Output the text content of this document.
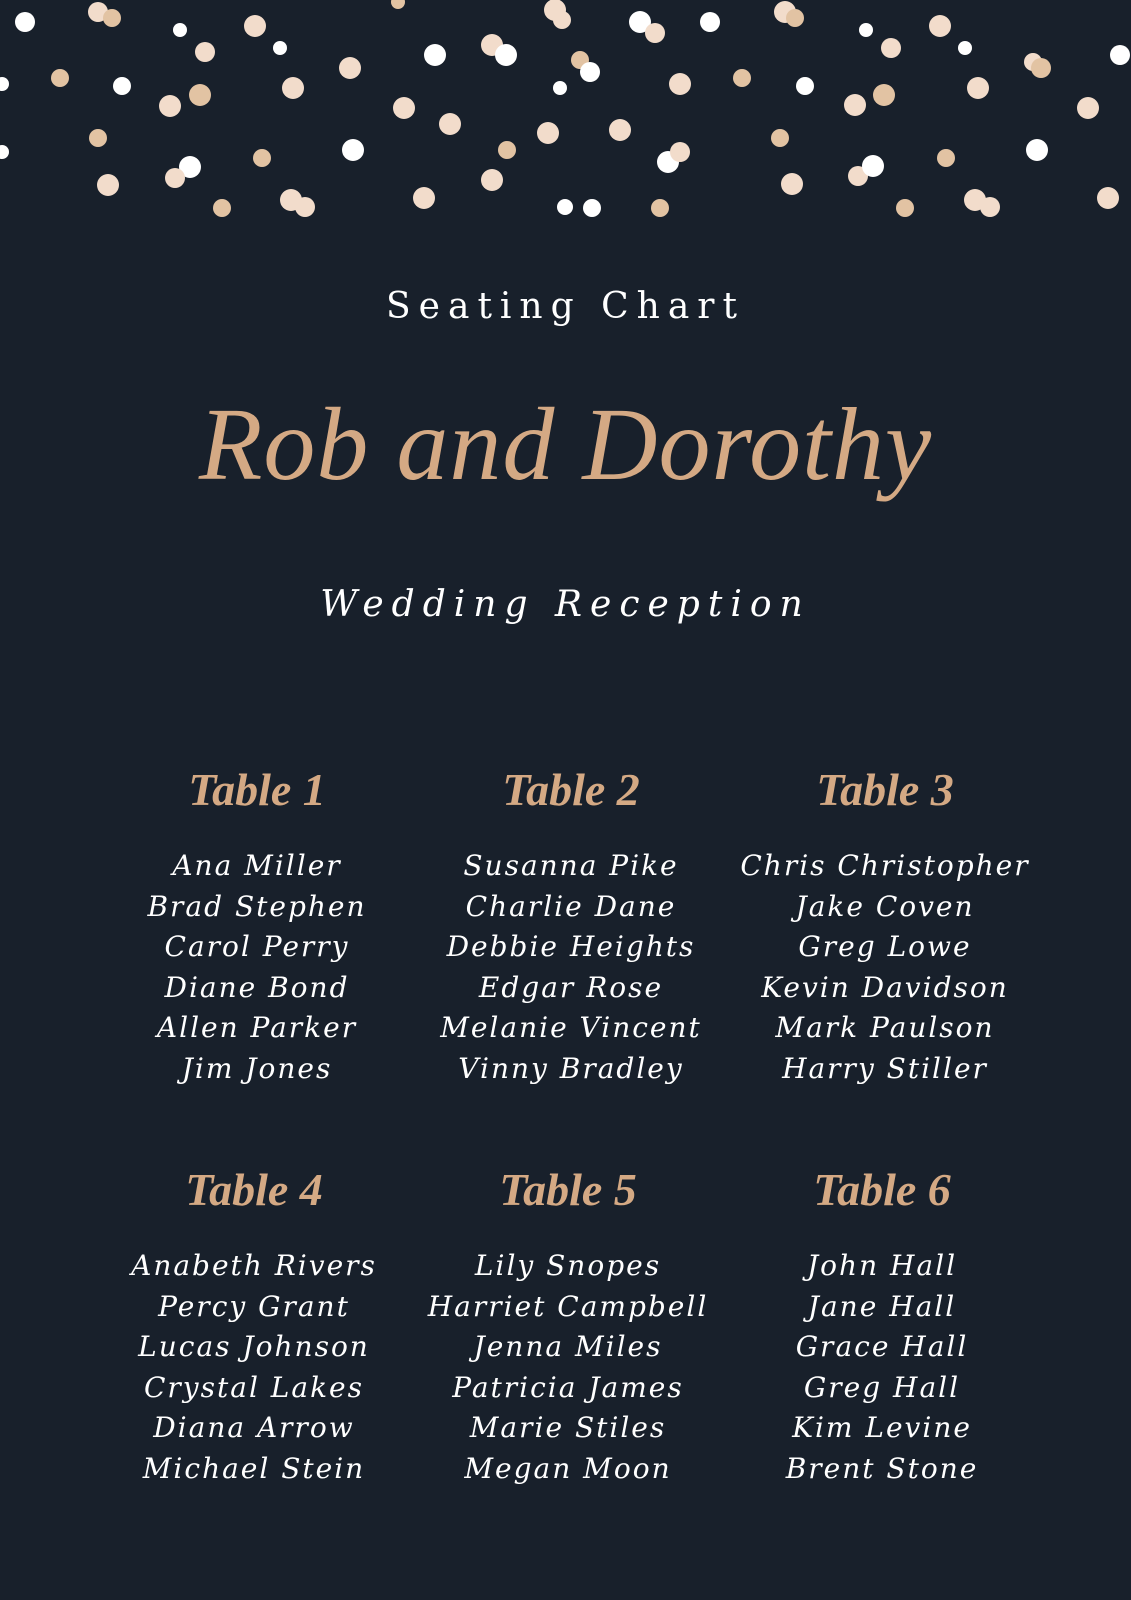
Seating Chart
Rob and Dorothy
Wedding Reception
Table 1
Ana Miller
Brad Stephen
Carol Perry
Diane Bond
Allen Parker
Jim Jones
Table 2
Susanna Pike
Charlie Dane
Debbie Heights
Edgar Rose
Melanie Vincent
Vinny Bradley
Table 3
Chris Christopher
Jake Coven
Greg Lowe
Kevin Davidson
Mark Paulson
Harry Stiller
Table 4
Anabeth Rivers
Percy Grant
Lucas Johnson
Crystal Lakes
Diana Arrow
Michael Stein
Table 5
Lily Snopes
Harriet Campbell
Jenna Miles
Patricia James
Marie Stiles
Megan Moon
Table 6
John Hall
Jane Hall
Grace Hall
Greg Hall
Kim Levine
Brent Stone
